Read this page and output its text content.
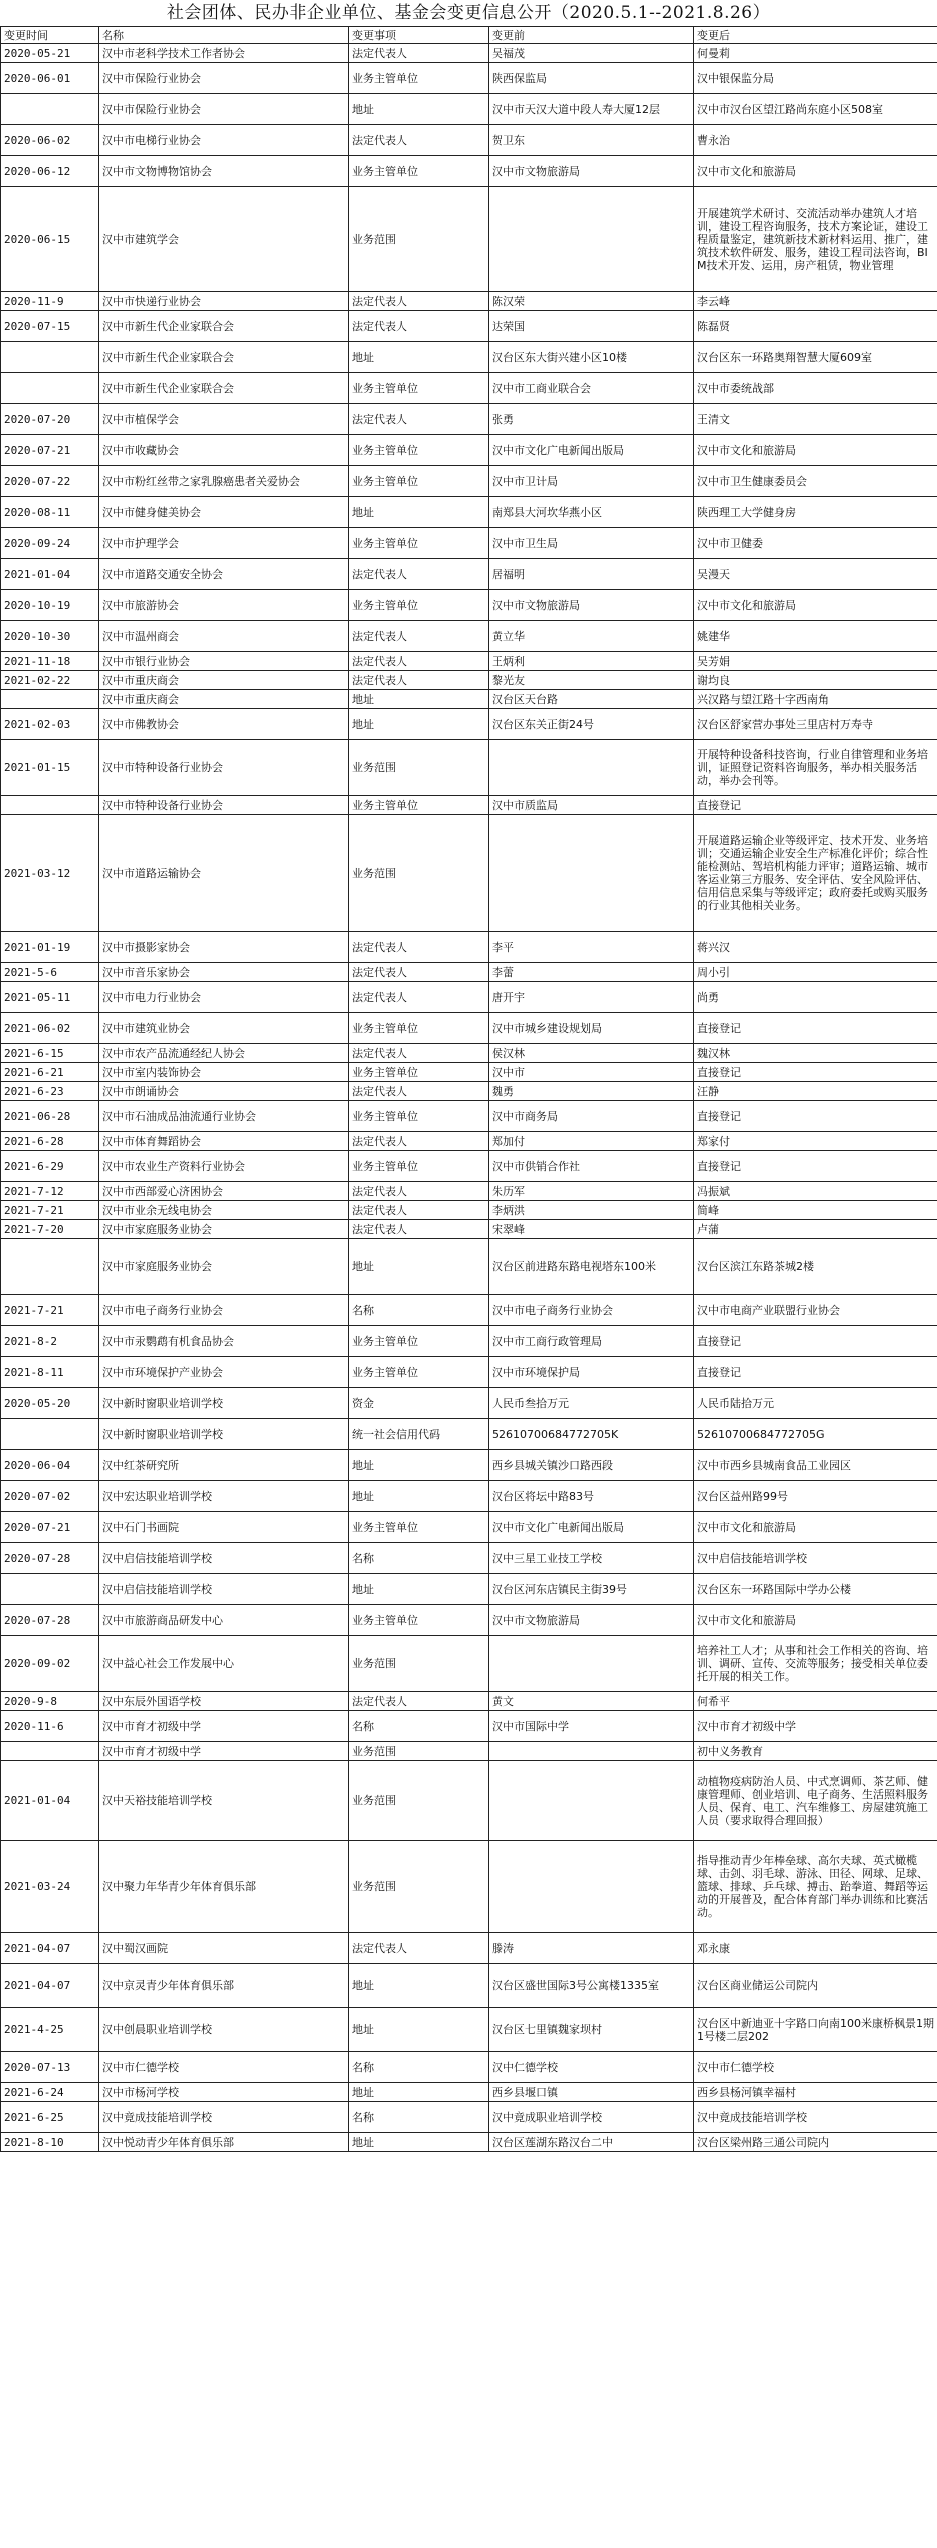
社会团体、民办非企业单位、基金会变更信息公开（2020.5.1--2021.8.26）
变更时间	名称	变更事项	变更前	变更后
2020-05-21	汉中市老科学技术工作者协会	法定代表人	吴福茂	何曼莉
2020-06-01	汉中市保险行业协会	业务主管单位	陕西保监局	汉中银保监分局
	汉中市保险行业协会	地址	汉中市天汉大道中段人寿大厦12层	汉中市汉台区望江路尚东庭小区508室
2020-06-02	汉中市电梯行业协会	法定代表人	贺卫东	曹永治
2020-06-12	汉中市文物博物馆协会	业务主管单位	汉中市文物旅游局	汉中市文化和旅游局
2020-06-15	汉中市建筑学会	业务范围		开展建筑学术研讨、交流活动举办建筑人才培训，建设工程咨询服务，技术方案论证，建设工程质量鉴定，建筑新技术新材料运用、推广，建筑技术软件研发、服务，建设工程司法咨询，BIM技术开发、运用，房产租赁，物业管理
2020-11-9	汉中市快递行业协会	法定代表人	陈汉荣	李云峰
2020-07-15	汉中市新生代企业家联合会	法定代表人	达荣国	陈磊贤
	汉中市新生代企业家联合会	地址	汉台区东大街兴建小区10楼	汉台区东一环路奥翔智慧大厦609室
	汉中市新生代企业家联合会	业务主管单位	汉中市工商业联合会	汉中市委统战部
2020-07-20	汉中市植保学会	法定代表人	张勇	王清文
2020-07-21	汉中市收藏协会	业务主管单位	汉中市文化广电新闻出版局	汉中市文化和旅游局
2020-07-22	汉中市粉红丝带之家乳腺癌患者关爱协会	业务主管单位	汉中市卫计局	汉中市卫生健康委员会
2020-08-11	汉中市健身健美协会	地址	南郑县大河坎华燕小区	陕西理工大学健身房
2020-09-24	汉中市护理学会	业务主管单位	汉中市卫生局	汉中市卫健委
2021-01-04	汉中市道路交通安全协会	法定代表人	居福明	吴漫天
2020-10-19	汉中市旅游协会	业务主管单位	汉中市文物旅游局	汉中市文化和旅游局
2020-10-30	汉中市温州商会	法定代表人	黄立华	姚建华
2021-11-18	汉中市银行业协会	法定代表人	王炳利	吴芳娟
2021-02-22	汉中市重庆商会	法定代表人	黎光友	谢均良
	汉中市重庆商会	地址	汉台区天台路	兴汉路与望江路十字西南角
2021-02-03	汉中市佛教协会	地址	汉台区东关正街24号	汉台区舒家营办事处三里店村万寿寺
2021-01-15	汉中市特种设备行业协会	业务范围		开展特种设备科技咨询，行业自律管理和业务培训，证照登记资料咨询服务，举办相关服务活动，举办会刊等。
	汉中市特种设备行业协会	业务主管单位	汉中市质监局	直接登记
2021-03-12	汉中市道路运输协会	业务范围		开展道路运输企业等级评定、技术开发、业务培训；交通运输企业安全生产标准化评价；综合性能检测站、驾培机构能力评审；道路运输、城市客运业第三方服务、安全评估、安全风险评估、信用信息采集与等级评定；政府委托或购买服务的行业其他相关业务。
2021-01-19	汉中市摄影家协会	法定代表人	李平	蒋兴汉
2021-5-6	汉中市音乐家协会	法定代表人	李蕾	周小引
2021-05-11	汉中市电力行业协会	法定代表人	唐开宇	尚勇
2021-06-02	汉中市建筑业协会	业务主管单位	汉中市城乡建设规划局	直接登记
2021-6-15	汉中市农产品流通经纪人协会	法定代表人	侯汉林	魏汉林
2021-6-21	汉中市室内装饰协会	业务主管单位	汉中市	直接登记
2021-6-23	汉中市朗诵协会	法定代表人	魏勇	汪静
2021-06-28	汉中市石油成品油流通行业协会	业务主管单位	汉中市商务局	直接登记
2021-6-28	汉中市体育舞蹈协会	法定代表人	郑加付	郑家付
2021-6-29	汉中市农业生产资料行业协会	业务主管单位	汉中市供销合作社	直接登记
2021-7-12	汉中市西部爱心济困协会	法定代表人	朱历军	冯振斌
2021-7-21	汉中市业余无线电协会	法定代表人	李炳洪	简峰
2021-7-20	汉中市家庭服务业协会	法定代表人	宋翠峰	卢蒲
	汉中市家庭服务业协会	地址	汉台区前进路东路电视塔东100米	汉台区滨江东路茶城2楼
2021-7-21	汉中市电子商务行业协会	名称	汉中市电子商务行业协会	汉中市电商产业联盟行业协会
2021-8-2	汉中市汞鹦鹉有机食品协会	业务主管单位	汉中市工商行政管理局	直接登记
2021-8-11	汉中市环境保护产业协会	业务主管单位	汉中市环境保护局	直接登记
2020-05-20	汉中新时窗职业培训学校	资金	人民币叁拾万元	人民币陆拾万元
	汉中新时窗职业培训学校	统一社会信用代码	52610700684772705K	52610700684772705G
2020-06-04	汉中红茶研究所	地址	西乡县城关镇沙口路西段	汉中市西乡县城南食品工业园区
2020-07-02	汉中宏达职业培训学校	地址	汉台区将坛中路83号	汉台区益州路99号
2020-07-21	汉中石门书画院	业务主管单位	汉中市文化广电新闻出版局	汉中市文化和旅游局
2020-07-28	汉中启信技能培训学校	名称	汉中三星工业技工学校	汉中启信技能培训学校
	汉中启信技能培训学校	地址	汉台区河东店镇民主街39号	汉台区东一环路国际中学办公楼
2020-07-28	汉中市旅游商品研发中心	业务主管单位	汉中市文物旅游局	汉中市文化和旅游局
2020-09-02	汉中益心社会工作发展中心	业务范围		培养社工人才；从事和社会工作相关的咨询、培训、调研、宣传、交流等服务；接受相关单位委托开展的相关工作。
2020-9-8	汉中东辰外国语学校	法定代表人	黄文	何希平
2020-11-6	汉中市育才初级中学	名称	汉中市国际中学	汉中市育才初级中学
	汉中市育才初级中学	业务范围		初中义务教育
2021-01-04	汉中天裕技能培训学校	业务范围		动植物疫病防治人员、中式烹调师、茶艺师、健康管理师、创业培训、电子商务、生活照料服务人员、保育、电工、汽车维修工、房屋建筑施工人员（要求取得合理回报）
2021-03-24	汉中聚力年华青少年体育俱乐部	业务范围		指导推动青少年棒垒球、高尔夫球、英式橄榄球、击剑、羽毛球、游泳、田径、网球、足球、篮球、排球、乒乓球、搏击、跆拳道、舞蹈等运动的开展普及，配合体育部门举办训练和比赛活动。
2021-04-07	汉中蜀汉画院	法定代表人	滕涛	邓永康
2021-04-07	汉中京灵青少年体育俱乐部	地址	汉台区盛世国际3号公寓楼1335室	汉台区商业储运公司院内
2021-4-25	汉中创晨职业培训学校	地址	汉台区七里镇魏家坝村	汉台区中新迪亚十字路口向南100米康桥枫景1期1号楼二层202
2020-07-13	汉中市仁德学校	名称	汉中仁德学校	汉中市仁德学校
2021-6-24	汉中市杨河学校	地址	西乡县堰口镇	西乡县杨河镇幸福村
2021-6-25	汉中竟成技能培训学校	名称	汉中竟成职业培训学校	汉中竟成技能培训学校
2021-8-10	汉中悦动青少年体育俱乐部	地址	汉台区莲湖东路汉台二中	汉台区梁州路三通公司院内
